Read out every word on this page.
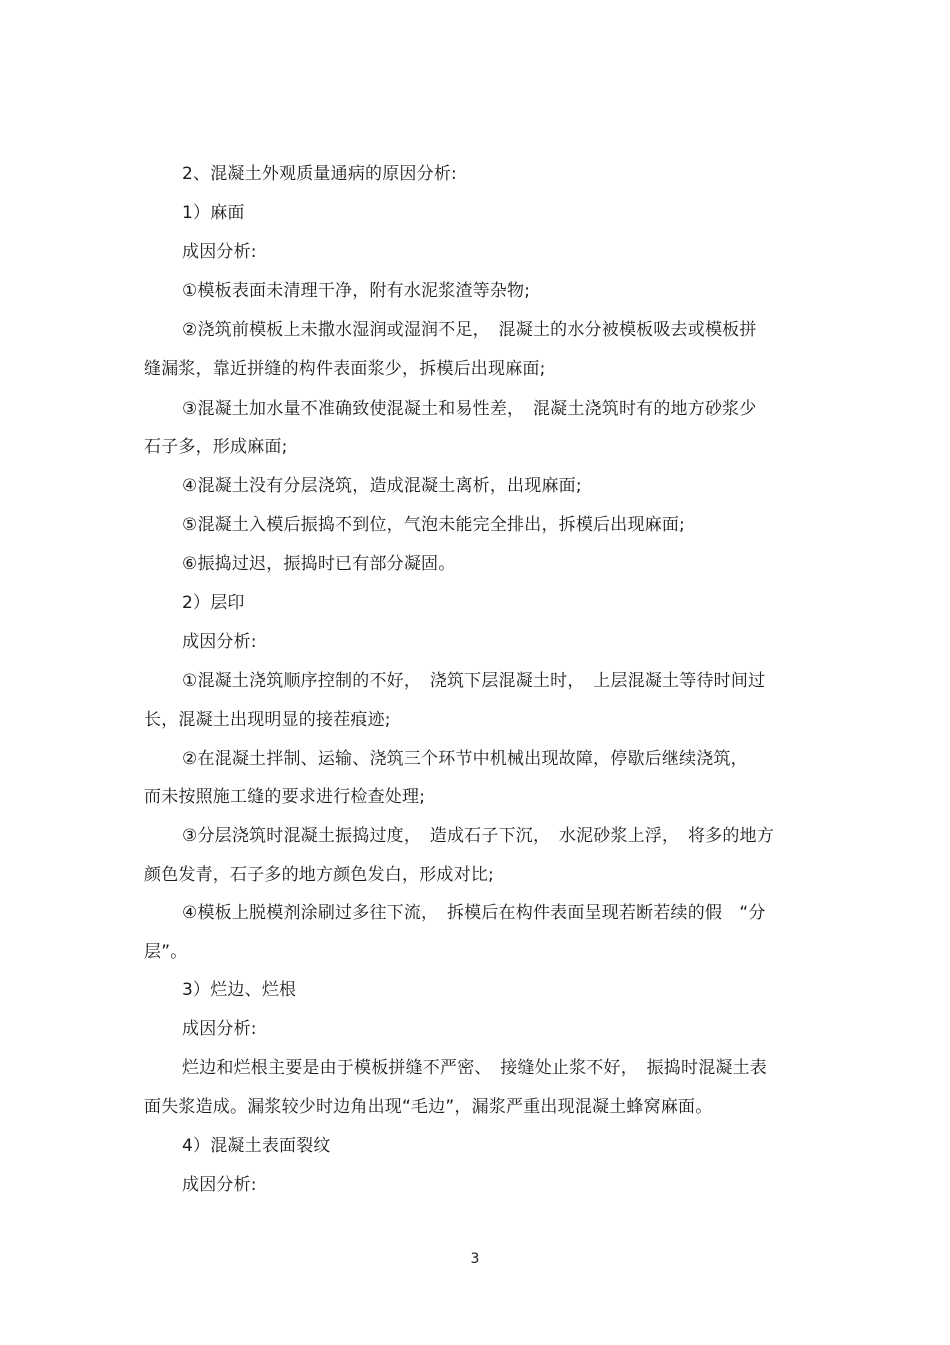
2、混凝土外观质量通病的原因分析:
1）麻面
成因分析:
①模板表面未清理干净，附有水泥浆渣等杂物;
②浇筑前模板上未撒水湿润或湿润不足，　混凝土的水分被模板吸去或模板拼
缝漏浆，靠近拼缝的构件表面浆少，拆模后出现麻面;
③混凝土加水量不准确致使混凝土和易性差，　混凝土浇筑时有的地方砂浆少
石子多，形成麻面;
④混凝土没有分层浇筑，造成混凝土离析，出现麻面;
⑤混凝土入模后振捣不到位，气泡未能完全排出，拆模后出现麻面;
⑥振捣过迟，振捣时已有部分凝固。
2）层印
成因分析:
①混凝土浇筑顺序控制的不好，　浇筑下层混凝土时，　上层混凝土等待时间过
长，混凝土出现明显的接茬痕迹;
②在混凝土拌制、运输、浇筑三个环节中机械出现故障，停歇后继续浇筑，
而未按照施工缝的要求进行检查处理;
③分层浇筑时混凝土振捣过度，　造成石子下沉，　水泥砂浆上浮，　将多的地方
颜色发青，石子多的地方颜色发白，形成对比;
④模板上脱模剂涂刷过多往下流，　拆模后在构件表面呈现若断若续的假　“分
层”。
3）烂边、烂根
成因分析:
烂边和烂根主要是由于模板拼缝不严密、　接缝处止浆不好，　振捣时混凝土表
面失浆造成。漏浆较少时边角出现“毛边”，漏浆严重出现混凝土蜂窝麻面。
4）混凝土表面裂纹
成因分析:
3
